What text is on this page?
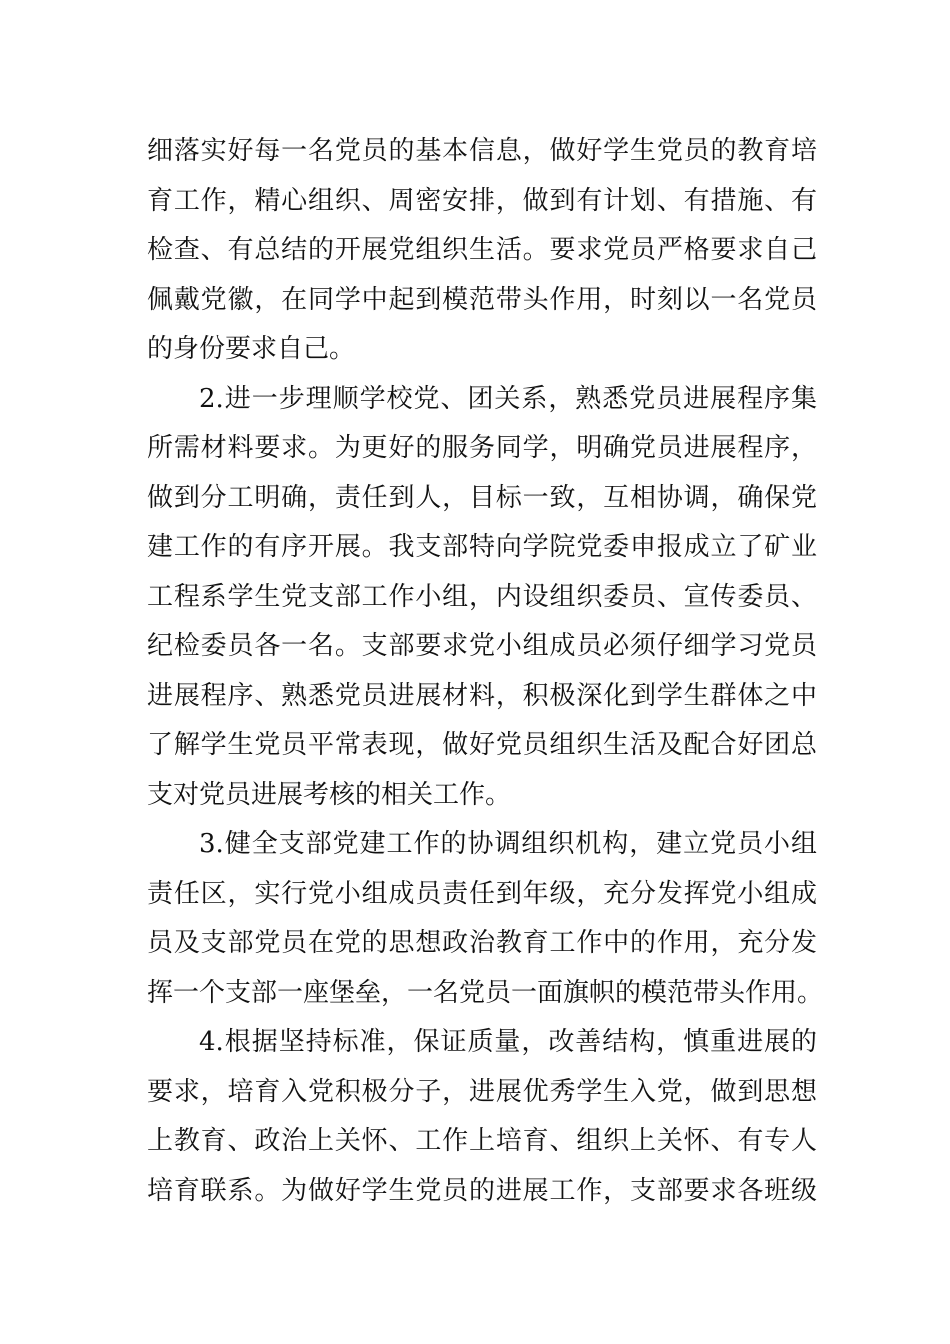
细落实好每一名党员的基本信息，做好学生党员的教育培
育工作，精心组织、周密安排，做到有计划、有措施、有
检查、有总结的开展党组织生活。要求党员严格要求自己
佩戴党徽，在同学中起到模范带头作用，时刻以一名党员
的身份要求自己。
2.进一步理顺学校党、团关系，熟悉党员进展程序集
所需材料要求。为更好的服务同学，明确党员进展程序，
做到分工明确，责任到人，目标一致，互相协调，确保党
建工作的有序开展。我支部特向学院党委申报成立了矿业
工程系学生党支部工作小组，内设组织委员、宣传委员、
纪检委员各一名。支部要求党小组成员必须仔细学习党员
进展程序、熟悉党员进展材料，积极深化到学生群体之中
了解学生党员平常表现，做好党员组织生活及配合好团总
支对党员进展考核的相关工作。
3.健全支部党建工作的协调组织机构，建立党员小组
责任区，实行党小组成员责任到年级，充分发挥党小组成
员及支部党员在党的思想政治教育工作中的作用，充分发
挥一个支部一座堡垒，一名党员一面旗帜的模范带头作用。
4.根据坚持标准，保证质量，改善结构，慎重进展的
要求，培育入党积极分子，进展优秀学生入党，做到思想
上教育、政治上关怀、工作上培育、组织上关怀、有专人
培育联系。为做好学生党员的进展工作，支部要求各班级
